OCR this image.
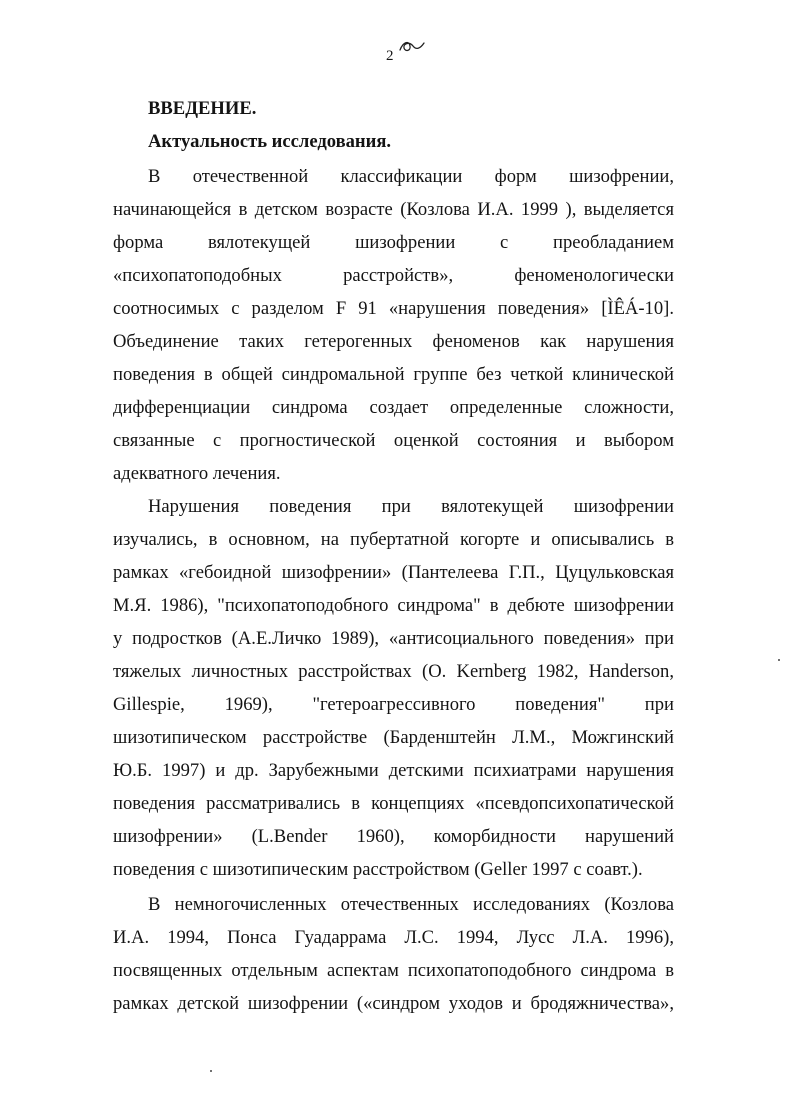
2
ВВЕДЕНИЕ.
Актуальность исследования.
В отечественной классификации форм шизофрении,
начинающейся в детском возрасте (Козлова И.А. 1999 ), выделяется
форма вялотекущей шизофрении с преобладанием
«психопатоподобных расстройств», феноменологически
соотносимых с разделом F 91 «нарушения поведения» [ÌÊÁ-10].
Объединение таких гетерогенных феноменов как нарушения
поведения в общей синдромальной группе без четкой клинической
дифференциации синдрома создает определенные сложности,
связанные с прогностической оценкой состояния и выбором
адекватного лечения.
Нарушения поведения при вялотекущей шизофрении
изучались, в основном, на пубертатной когорте и описывались в
рамках «гебоидной шизофрении» (Пантелеева Г.П., Цуцульковская
М.Я. 1986), "психопатоподобного синдрома" в дебюте шизофрении
у подростков (А.Е.Личко 1989), «антисоциального поведения» при
тяжелых личностных расстройствах (O. Kernberg 1982, Handerson,
Gillespie, 1969), "гетероагрессивного поведения" при
шизотипическом расстройстве (Барденштейн Л.М., Можгинский
Ю.Б. 1997) и др. Зарубежными детскими психиатрами нарушения
поведения рассматривались в концепциях «псевдопсихопатической
шизофрении» (L.Bender 1960), коморбидности нарушений
поведения с шизотипическим расстройством (Geller 1997 с соавт.).
В немногочисленных отечественных исследованиях (Козлова
И.А. 1994, Понса Гуадаррама Л.С. 1994, Лусс Л.А. 1996),
посвященных отдельным аспектам психопатоподобного синдрома в
рамках детской шизофрении («синдром уходов и бродяжничества»,
